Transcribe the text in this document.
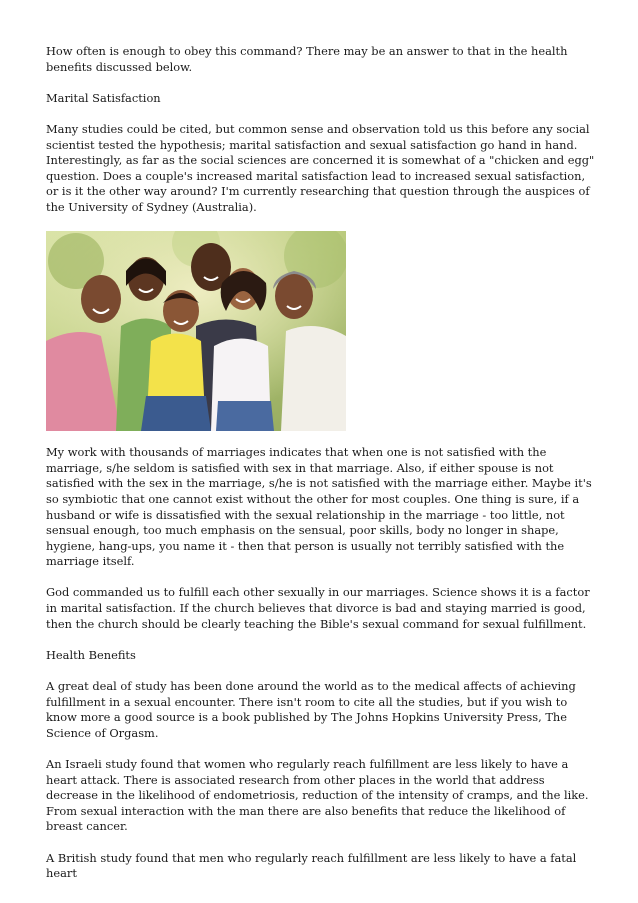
How often is enough to obey this command? There may be an answer to that in the health benefits discussed below.

Marital Satisfaction

Many studies could be cited, but common sense and observation told us this before any social scientist tested the hypothesis; marital satisfaction and sexual satisfaction go hand in hand. Interestingly, as far as the social sciences are concerned it is somewhat of a "chicken and egg" question. Does a couple's increased marital satisfaction lead to increased sexual satisfaction, or is it the other way around? I'm currently researching that question through the auspices of the University of Sydney (Australia).

My work with thousands of marriages indicates that when one is not satisfied with the marriage, s/he seldom is satisfied with sex in that marriage. Also, if either spouse is not satisfied with the sex in the marriage, s/he is not satisfied with the marriage either. Maybe it's so symbiotic that one cannot exist without the other for most couples. One thing is sure, if a husband or wife is dissatisfied with the sexual relationship in the marriage - too little, not sensual enough, too much emphasis on the sensual, poor skills, body no longer in shape, hygiene, hang-ups, you name it - then that person is usually not terribly satisfied with the marriage itself.

God commanded us to fulfill each other sexually in our marriages. Science shows it is a factor in marital satisfaction. If the church believes that divorce is bad and staying married is good, then the church should be clearly teaching the Bible's sexual command for sexual fulfillment.

Health Benefits

A great deal of study has been done around the world as to the medical affects of achieving fulfillment in a sexual encounter. There isn't room to cite all the studies, but if you wish to know more a good source is a book published by The Johns Hopkins University Press, The Science of Orgasm.

An Israeli study found that women who regularly reach fulfillment are less likely to have a heart attack. There is associated research from other places in the world that address decrease in the likelihood of endometriosis, reduction of the intensity of cramps, and the like. From sexual interaction with the man there are also benefits that reduce the likelihood of breast cancer.

A British study found that men who regularly reach fulfillment are less likely to have a fatal heart
